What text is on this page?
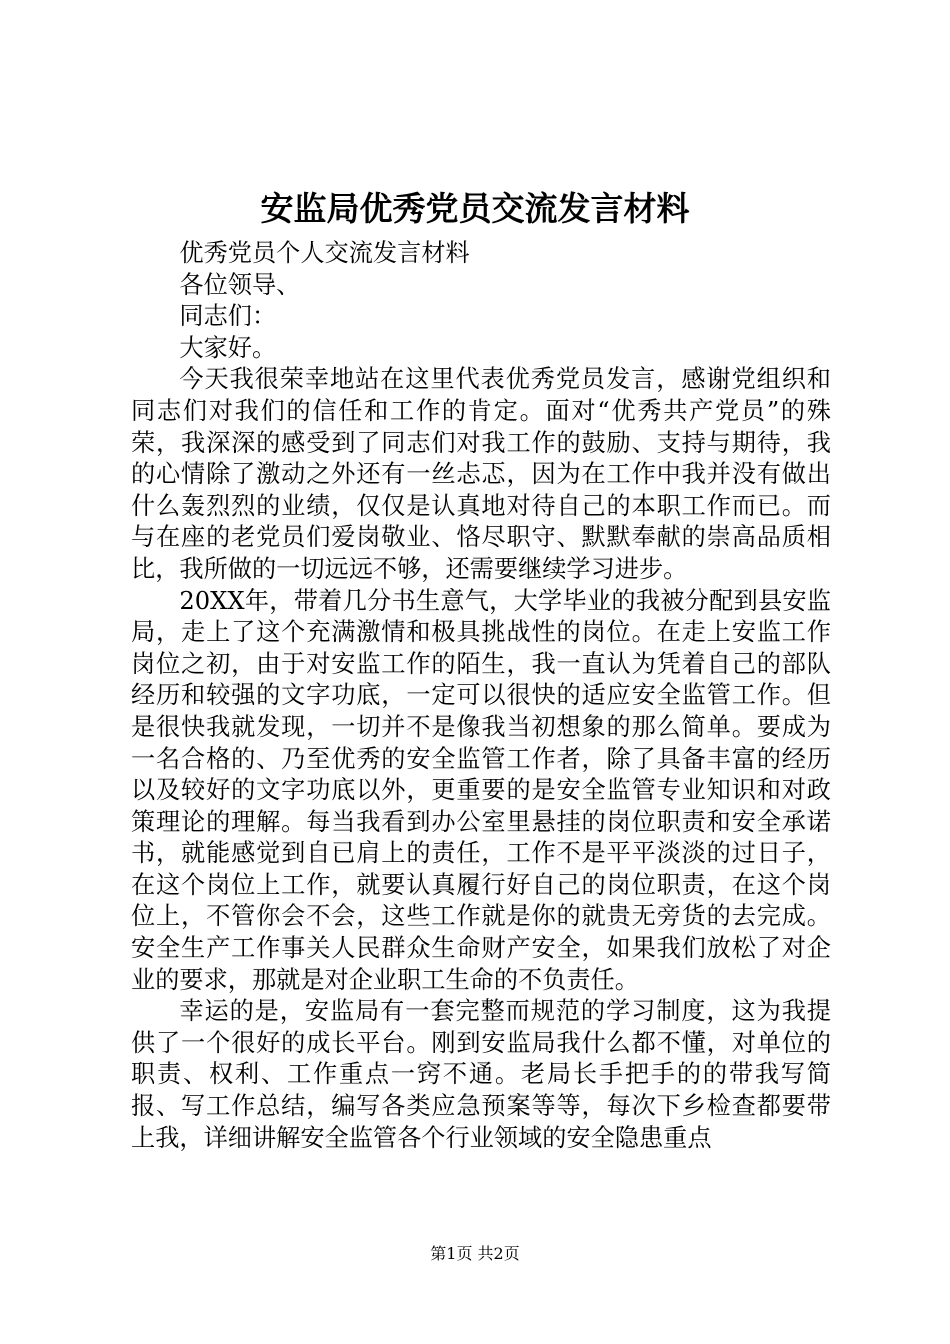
安监局优秀党员交流发言材料

优秀党员个人交流发言材料

各位领导、

同志们：

大家好。

今天我很荣幸地站在这里代表优秀党员发言，感谢党组织和同志们对我们的信任和工作的肯定。面对“优秀共产党员”的殊荣，我深深的感受到了同志们对我工作的鼓励、支持与期待，我的心情除了激动之外还有一丝忐忑，因为在工作中我并没有做出什么轰烈烈的业绩，仅仅是认真地对待自己的本职工作而已。而与在座的老党员们爱岗敬业、恪尽职守、默默奉献的崇高品质相比，我所做的一切远远不够，还需要继续学习进步。

20XX年，带着几分书生意气，大学毕业的我被分配到县安监局，走上了这个充满激情和极具挑战性的岗位。在走上安监工作岗位之初，由于对安监工作的陌生，我一直认为凭着自己的部队经历和较强的文字功底，一定可以很快的适应安全监管工作。但是很快我就发现，一切并不是像我当初想象的那么简单。要成为一名合格的、乃至优秀的安全监管工作者，除了具备丰富的经历以及较好的文字功底以外，更重要的是安全监管专业知识和对政策理论的理解。每当我看到办公室里悬挂的岗位职责和安全承诺书，就能感觉到自已肩上的责任，工作不是平平淡淡的过日子，在这个岗位上工作，就要认真履行好自己的岗位职责，在这个岗位上，不管你会不会，这些工作就是你的就贵无旁货的去完成。安全生产工作事关人民群众生命财产安全，如果我们放松了对企业的要求，那就是对企业职工生命的不负责任。

幸运的是，安监局有一套完整而规范的学习制度，这为我提供了一个很好的成长平台。刚到安监局我什么都不懂，对单位的职责、权利、工作重点一窍不通。老局长手把手的的带我写简报、写工作总结，编写各类应急预案等等，每次下乡检查都要带上我，详细讲解安全监管各个行业领域的安全隐患重点

第1页 共2页
